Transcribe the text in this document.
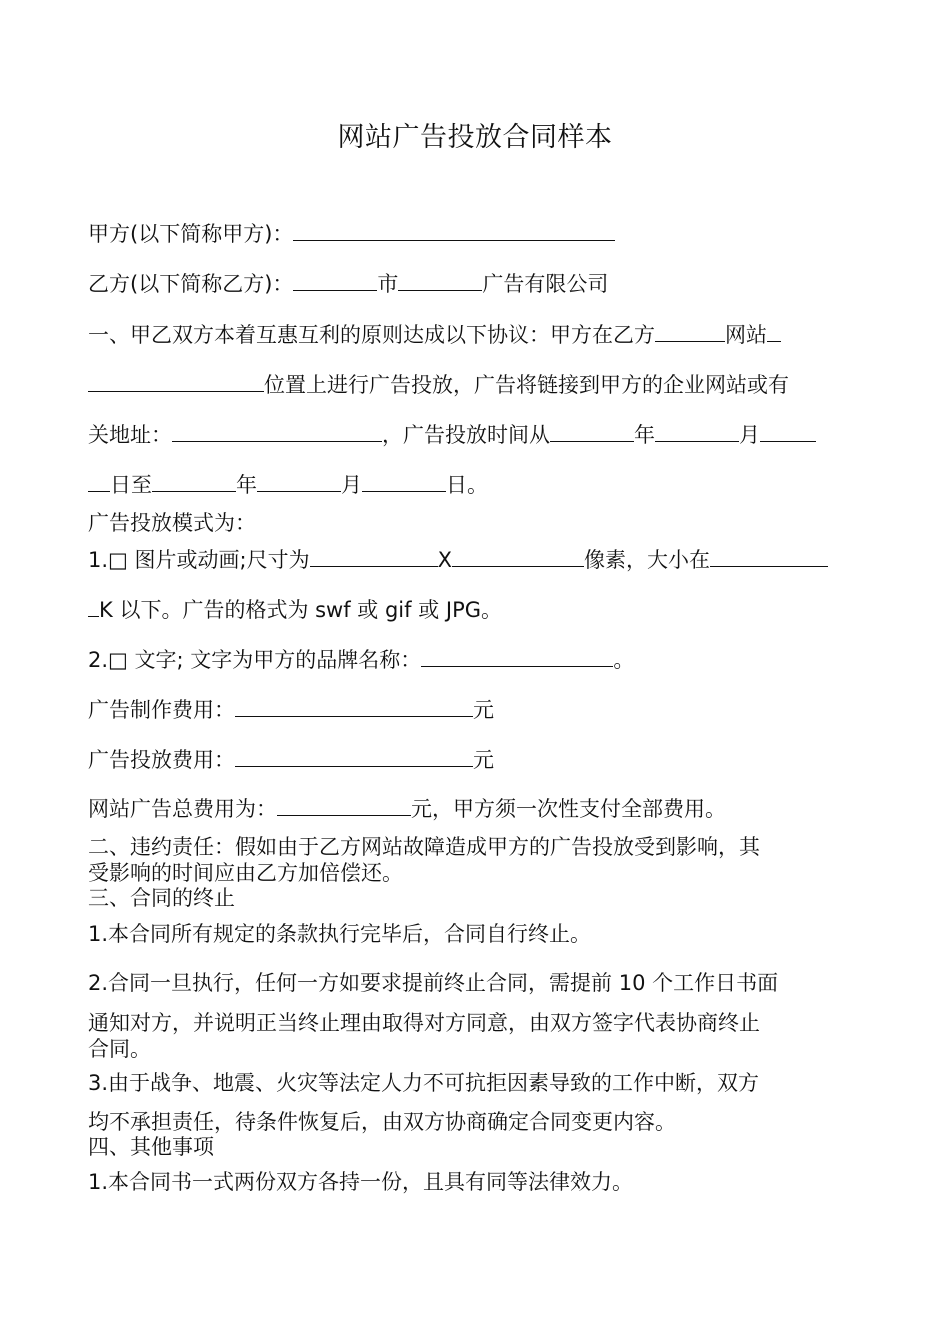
网站广告投放合同样本
甲方(以下简称甲方)：
乙方(以下简称乙方)：	市	广告有限公司
一、甲乙双方本着互惠互利的原则达成以下协议：甲方在乙方	网站
位置上进行广告投放，广告将链接到甲方的企业网站或有
关地址：	，广告投放时间从	年	月
日至	年	月	日。
广告投放模式为：
1.□ 图片或动画;尺寸为	X	像素，大小在
K 以下。广告的格式为 swf 或 gif 或 JPG。
2.□ 文字; 文字为甲方的品牌名称：	。
广告制作费用：	元
广告投放费用：	元
网站广告总费用为：	元，甲方须一次性支付全部费用。
二、违约责任：假如由于乙方网站故障造成甲方的广告投放受到影响，其
受影响的时间应由乙方加倍偿还。
三、合同的终止
1.本合同所有规定的条款执行完毕后，合同自行终止。
2.合同一旦执行，任何一方如要求提前终止合同，需提前 10 个工作日书面
通知对方，并说明正当终止理由取得对方同意，由双方签字代表协商终止
合同。
3.由于战争、地震、火灾等法定人力不可抗拒因素导致的工作中断，双方
均不承担责任，待条件恢复后，由双方协商确定合同变更内容。
四、其他事项
1.本合同书一式两份双方各持一份，且具有同等法律效力。
